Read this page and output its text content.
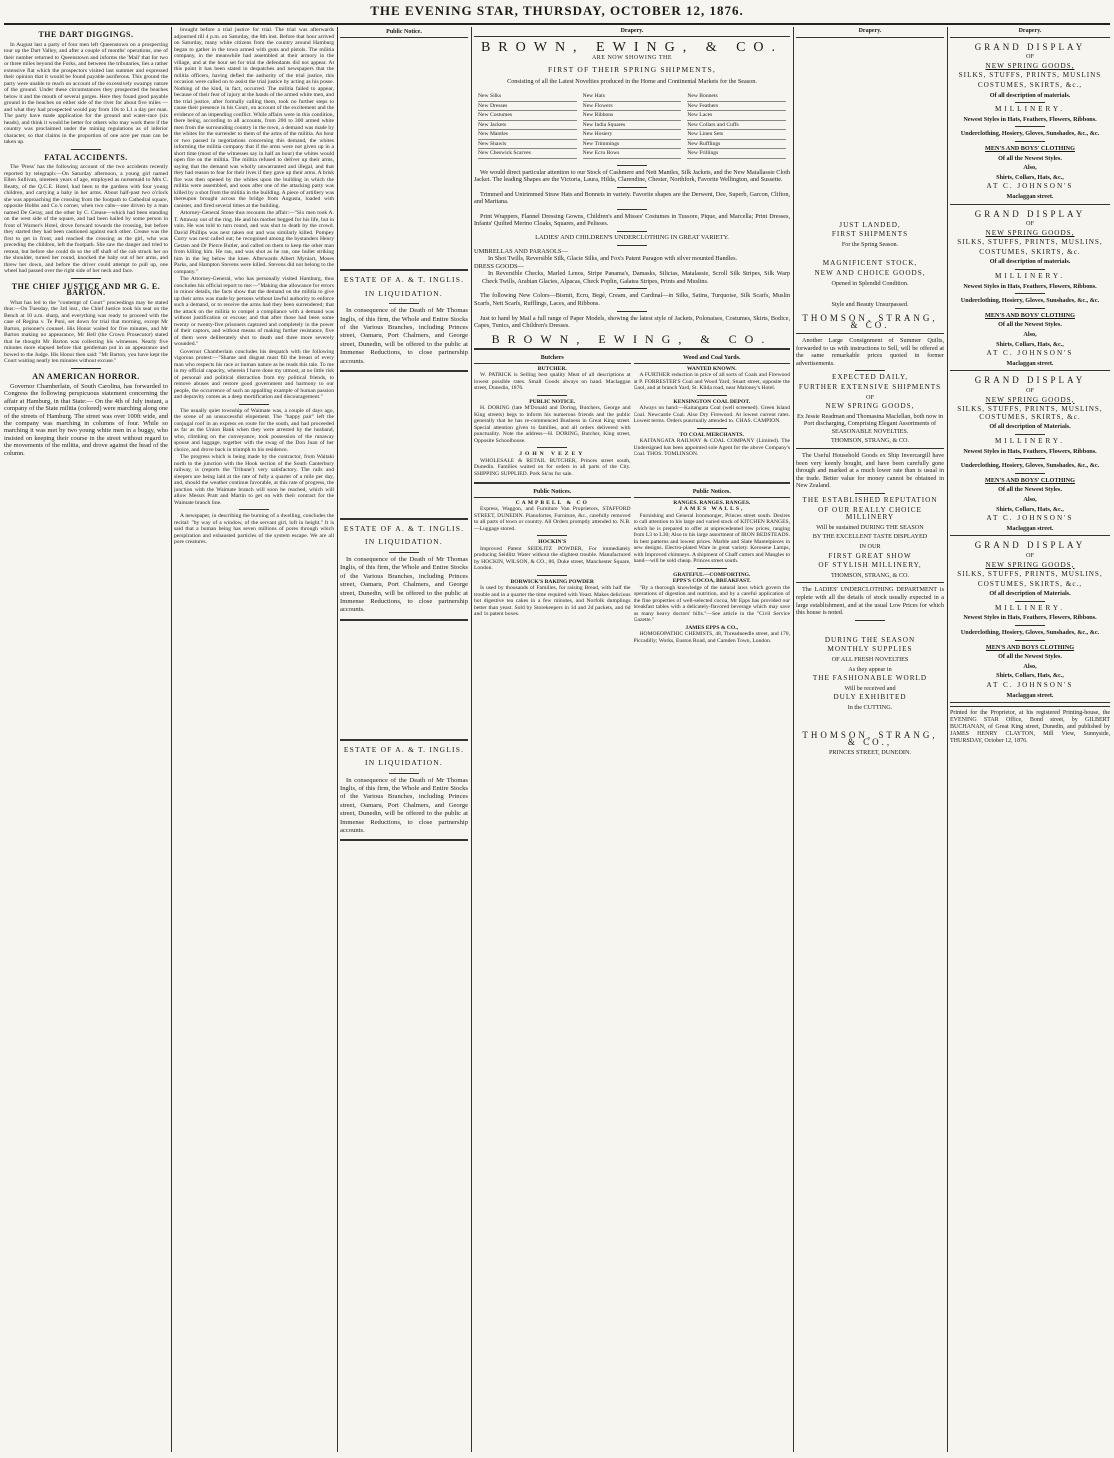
THE EVENING STAR, THURSDAY, OCTOBER 12, 1876.
THE DART DIGGINGS.
In August last a party of four men left Queenstown on a prospecting tour up the Dart Valley, and after a couple of months' operations, one of their number returned to Queenstown and informs the 'Mail' that for two or three miles beyond the Forks, and between the tributaries, lies a rather extensive flat which the prospectors visited last summer and expressed their opinion that it would be found payable auriferous. This ground the party were unable to reach on account of the excessively swampy nature of the ground. Under these circumstances they prospected the beaches below it and the mouth of several gorges. Here they found good payable ground in the beaches on either side of the river for about five miles —and what they had prospected would pay from 10s to L1 a day per man. The party have made application for the ground and water-race (six heads), and think it would be better for others who may work there if the country was proclaimed under the mining regulations as of inferior character, so that claims in the proportion of one acre per man can be taken up.
FATAL ACCIDENTS.
The 'Press' has the following account of the two accidents recently reported by telegraph:—On Saturday afternoon, a young girl named Ellen Sullivan, nineteen years of age, employed as nursemaid to Mrs C. Beatty, of the Q.C.E. Hotel, had been to the gardens with four young children, and carrying a baby in her arms. About half-past two o'clock she was approaching the crossing from the footpath to Cathedral square, opposite Hobbs and Co.'s corner, when two cabs—one driven by a man named De Geray, and the other by C. Crease—which had been standing on the west side of the square, and had been hailed by some person in front of Warner's Hotel, drove forward towards the crossing, but before they started they had been cautioned against each other. Crease was the first to get in front, and reached the crossing as the girl, who was preceding the children, left the footpath. She saw the danger and tried to retreat, but before she could do so the off shaft of the cab struck her on the shoulder, turned her round, knocked the baby out of her arms, and threw her down, and before the driver could attempt to pull up, one wheel had passed over the right side of her neck and face.
THE CHIEF JUSTICE AND MR G. E. BARTON.
What has led to the "contempt of Court" proceedings may be stated thus:—On Tuesday, the 3rd inst., the Chief Justice took his seat on the Bench at 10 a.m. sharp, and everything was ready to proceed with the case of Regina v. Te Puni, set down for trial that morning, except Mr Barton, prisoner's counsel. His Honor waited for five minutes, and Mr Barton making no appearance, Mr Bell (the Crown Prosecutor) stated that he thought Mr Barton was collecting his witnesses. Nearly five minutes more elapsed before that gentleman put in an appearance and bowed to the Judge. His Honor then said: "Mr Barton, you have kept the Court waiting nearly ten minutes without excuse."
AN AMERICAN HORROR.
Governor Chamberlain, of South Carolina, has forwarded to Congress the following perspicuous statement concerning the affair at Hamburg, in that State:— On the 4th of July instant, a company of the State militia (colored) were marching along one of the streets of Hamburg. The street was over 100ft wide, and the company was marching in columns of four. While so marching it was met by two young white men in a buggy, who insisted on keeping their course in the street without regard to the movements of the militia, and drove against the head of the column.
brought before a trial justice for trial. The trial was afterwards adjourned till 4 p.m. on Saturday, the 8th inst. Before that hour arrived on Saturday, many white citizens from the country around Hamburg began to gather in the town armed with guns and pistols. The militia company, in the meanwhile had assembled at their armory in the village, and at the hour set for trial the defendants did not appear. At this point it has been stated in despatches and newspapers that the militia officers, having defied the authority of the trial justice, this occasion were called on to assist the trial justice by acting as his posse. Nothing of the kind, in fact, occurred. The militia failed to appear, because of their fear of injury at the hands of the armed white men, and the trial justice, after formally calling them, took no further steps to cause their presence in his Court, on account of the excitement and the evidence of an impending conflict. While affairs were in this condition, there being, according to all accounts, from 200 to 300 armed white men from the surrounding country in the town, a demand was made by the whites for the surrender to them of the arms of the militia. An hour or two passed in negotiations concerning this demand, the whites informing the militia company that if the arms were not given up in a short time (most of the witnesses say in half an hour) the whites would open fire on the militia. The militia refused to deliver up their arms, saying that the demand was wholly unwarranted and illegal, and that they had reason to fear for their lives if they gave up their arms. A brisk fire was then opened by the whites upon the building in which the militia were assembled, and soon after one of the attacking party was killed by a shot from the militia in the building. A piece of artillery was thereupon brought across the bridge from Augusta, loaded with canister, and fired several times at the building.
Attorney-General Stone thus recounts the affair:—"Six men took A. T. Attaway out of the ring. He and his mother begged for his life, but in vain. He was told to turn round, and was shot to death by the crowd. David Phillips was next taken out and was similarly killed. Pompey Curry was next called out; he recognised among the bystanders Henry Getzen and Dr Pierce Butler, and called on them to keep the other man from killing him. He ran, and was shot as he ran, one bullet striking him in the leg below the knee. Afterwards Albert Myniart, Moses Parks, and Hampton Stevens were killed. Stevens did not belong to the company."
The Attorney-General, who has personally visited Hamburg, thus concludes his official report to me:—"Making due allowance for errors in minor details, the facts show that the demand on the militia to give up their arms was made by persons without lawful authority to enforce such a demand, or to receive the arms had they been surrendered; that the attack on the militia to compel a compliance with a demand was without justification or excuse; and that after those had been some twenty or twenty-five prisoners captured and completely in the power of their captors, and without means of making further resistance, five of them were deliberately shot to death and three more severely wounded."
Governor Chamberlain concludes his despatch with the following vigorous protest:—"Shame and disgust must fill the breast of every man who respects his race or human nature as he reads this tale. To me in my official capacity, wherein I have done my utmost, at no little risk of personal and political distraction from my political friends, to remove abuses and restore good government and harmony to our people, the occurrence of such an appalling example of human passion and depravity comes as a deep mortification and discouragement."
The usually quiet township of Waimate was, a couple of days ago, the scene of an unsuccessful elopement. The "happy pair" left the conjugal roof in an express en route for the south, and had proceeded as far as the Union Bank when they were arrested by the husband, who, climbing on the conveyance, took possession of the runaway spouse and luggage, together with the swag of the Don Juan of her choice, and drove back in triumph to his residence.
The progress which is being made by the contractor, from Waitaki north to the junction with the Hook section of the South Canterbury railway, is (reports the 'Tribune') very satisfactory. The rails and sleepers are being laid at the rate of fully a quarter of a mile per day, and, should the weather continue favorable, at this rate of progress, the junction with the Waimate branch will soon be reached, which will allow Messrs Pratt and Martin to get on with their contract for the Waimate branch line.
A newspaper, in describing the burning of a dwelling, concludes the recital: "by way of a window, of the servant girl, loft in height." It is said that a human being has seven millions of pores through which perspiration and exhausted particles of the system escape. We are all pore creatures.
Public Notice.
ESTATE OF A. & T. INGLIS.
IN LIQUIDATION.
In consequence of the Death of Mr Thomas Inglis, of this firm, the Whole and Entire Stocks of the Various Branches, including Princes street, Oamaru, Port Chalmers, and George street, Dunedin, will be offered to the public at Immense Reductions, to close partnership accounts.
ESTATE OF A. & T. INGLIS.
IN LIQUIDATION.
In consequence of the Death of Mr Thomas Inglis, of this firm, the Whole and Entire Stocks of the Various Branches, including Princes street, Oamaru, Port Chalmers, and George street, Dunedin, will be offered to the public at Immense Reductions, to close partnership accounts.
ESTATE OF A. & T. INGLIS.
IN LIQUIDATION.
In consequence of the Death of Mr Thomas Inglis, of this firm, the Whole and Entire Stocks of the Various Branches, including Princes street, Oamaru, Port Chalmers, and George street, Dunedin, will be offered to the public at Immense Reductions, to close partnership accounts.
Drapery.
BROWN, EWING, & CO.
ARE NOW SHOWING THE
FIRST OF THEIR SPRING SHIPMENTS,
Consisting of all the Latest Novelties produced in the Home and Continental Markets for the Season.
New Silks	New Hats	New Bonnets
New Dresses	New Flowers	New Feathers
New Costumes	New Ribbons	New Laces
New Jackets	New India Squares	New Collars and Cuffs
New Mantles	New Hosiery	New Linen Sets
New Shawls	New Trimmings	New Rufflings
New Cheswick Scarves	New Ecru Bows	New Frillings
We would direct particular attention to our Stock of Cashmere and Nett Mantles, Silk Jackets, and the New Matallassie Cloth Jacket. The leading Shapes are the Victoria, Laura, Hilda, Clarendine, Chester, Northfork, Favorite Wellington, and Sussette.
Trimmed and Untrimmed Straw Hats and Bonnets in variety. Favorite shapes are the Derwent, Dee, Superb, Garcon, Clifton, and Maritana.
Print Wrappers, Flannel Dressing Gowns, Children's and Misses' Costumes in Tussore, Pique, and Marcella; Print Dresses, Infants' Quilted Merino Cloaks, Squares, and Pelisses.
LADIES' AND CHILDREN'S UNDERCLOTHING IN GREAT VARIETY.
UMBRELLAS AND PARASOLS—
In Shot Twills, Reversible Silk, Glacie Silks, and Fox's Patent Paragon with silver mounted Handles.
DRESS GOODS—
In Reversible Checks, Marled Lenos, Stripe Panama's, Damasks, Silicias, Matalassie, Scroll Silk Stripes, Silk Warp Check Twills, Arabian Glacies, Alpacas, Check Poplin, Galatea Stripes, Prints and Muslins.
The following New Colors—Bismit, Ecru, Begé, Cream, and Cardinal—in Silks, Satins, Turquoise, Silk Scarfs, Muslin Scarfs, Nett Scarfs, Rufflings, Laces, and Ribbons.
Just to hand by Mail a full range of Paper Models, showing the latest style of Jackets, Polonaises, Costumes, Skirts, Bodice, Capes, Tunics, and Children's Dresses.
BROWN, EWING, & CO.
Butchers
BUTCHER.
W. PATRICK is Selling best quality Meat of all descriptions at lowest possible rates. Small Goods always on hand. Maclaggan street, Dunedin, 1876.
PUBLIC NOTICE.
H. DORING (late M'Donald and Doring, Butchers, George and King streets) begs to inform his numerous friends and the public generally that he has re-commenced Business in Great King street. Special attention given to families, and all orders delivered with punctuality. Note the address—H. DORING, Butcher, King street, Opposite Schoolhouse.
JOHN VEZEY
WHOLESALE & RETAIL BUTCHER, Princes street south, Dunedin. Families waited on for orders in all parts of the City. SHIPPING SUPPLIED. Pork Sk'ns for sale.
Wood and Coal Yards.
WANTED KNOWN.
A FURTHER reduction in price of all sorts of Coals and Firewood at P. FORRESTER'S Coal and Wood Yard, Stuart street, opposite the Gaol, and at branch Yard, St. Kilda road, near Maloney's Hotel.
KENSINGTON COAL DEPOT.
Always on hand:—Kaitangata Coal (well screened). Green Island Coal. Newcastle Coal. Also Dry Firewood. At lowest current rates. Lowest terms. Orders punctually attended to. CHAS. CAMPION.
TO COAL MERCHANTS.
KAITANGATA RAILWAY & COAL COMPANY (Limited). The Undersigned has been appointed sole Agent for the above Company's Coal. THOS. TOMLINSON.
Public Notices.
CAMPBELL & CO
Express, Waggon, and Furniture Van Proprietors, STAFFORD STREET, DUNEDIN. Pianofortes, Furniture, &c., carefully removed to all parts of town or country. All Orders promptly attended to. N.B.—Luggage stored.
HOCKIN'S
Improved Patent SEIDLITZ POWDER, For immediately producing Seidlitz Water without the slightest trouble. Manufactured by HOCKIN, WILSON, & CO., 86, Duke street, Manchester Square, London.
BORWICK'S BAKING POWDER
Is used by thousands of Families, for raising Bread, with half the trouble and in a quarter the time required with Yeast. Makes delicious hot digestive tea cakes in a few minutes, and Norfolk dumplings better than yeast. Sold by Storekeepers in 1d and 2d packets, and 6d and 1s patent boxes.
Public Notices.
RANGES. RANGES. RANGES.
JAMES WALLS,
Furnishing and General Ironmonger, Princes street south. Desires to call attention to his large and varied stock of KITCHEN RANGES, which he is prepared to offer at unprecedented low prices, ranging from L3 to L30; Also to his large assortment of IRON BEDSTEADS. In best patterns and lowest prices. Marble and Slate Mantelpieces in new designs. Electro-plated Ware in great variety. Kerosene Lamps, with Improved chimneys. A shipment of Chaff cutters and Mangles to hand—will be sold cheap. Princes street south.
GRATEFUL—COMFORTING.
EPPS'S COCOA, BREAKFAST.
"By a thorough knowledge of the natural laws which govern the operations of digestion and nutrition, and by a careful application of the fine properties of well-selected cocoa, Mr Epps has provided our breakfast tables with a delicately-flavored beverage which may save us many heavy doctors' bills."—See article in the "Civil Service Gazette."
JAMES EPPS & CO.,
HOMOEOPATHIC CHEMISTS, 48, Threadneedle street, and 170, Piccadilly; Works, Euston Road, and Camden Town, London.
Drapery.
JUST LANDED,
FIRST SHIPMENTS
For the Spring Season.
MAGNIFICENT STOCK,
NEW AND CHOICE GOODS,
Opened in Splendid Condition.
Style and Beauty Unsurpassed.
THOMSON, STRANG, & CO.
Another Large Consignment of Summer Quilts, forwarded to us with instructions to Sell, will be offered at the same remarkable prices quoted in former advertisements.
EXPECTED DAILY,
FURTHER EXTENSIVE SHIPMENTS
OF
NEW SPRING GOODS,
Ex Jessie Readman and Thomasina Maclellan, both now in Port discharging, Comprising Elegant Assortments of SEASONABLE NOVELTIES.
THOMSON, STRANG, & CO.
The Useful Household Goods ex Ship Invercargill have been very keenly bought, and have been carefully gone through and marked at a much lower rate than is usual in the trade. Better value for money cannot be obtained in New Zealand.
THE ESTABLISHED REPUTATION
OF OUR REALLY CHOICE MILLINERY
Will be sustained DURING THE SEASON
BY THE EXCELLENT TASTE DISPLAYED
IN OUR
FIRST GREAT SHOW
OF STYLISH MILLINERY,
THOMSON, STRANG, & CO.
The LADIES' UNDERCLOTHING DEPARTMENT is replete with all the details of stock usually expected in a large establishment, and at the usual Low Prices for which this house is noted.
DURING THE SEASON
MONTHLY SUPPLIES
OF ALL FRESH NOVELTIES
As they appear in
THE FASHIONABLE WORLD
Will be received and
DULY EXHIBITED
In the CUTTING.
THOMSON, STRANG, & CO.,
PRINCES STREET, DUNEDIN.
Drapery.
GRAND DISPLAY
OF
NEW SPRING GOODS,
SILKS, STUFFS, PRINTS, MUSLINS
COSTUMES, SKIRTS, &c.,
Of all description of materials.
MILLINERY.
Newest Styles in Hats, Feathers, Flowers, Ribbons.
Underclothing, Hosiery, Gloves, Sunshades, &c., &c.
MEN'S AND BOYS' CLOTHING
Of all the Newest Styles.
Also,
Shirts, Collars, Hats, &c.,
AT C. JOHNSON'S
Maclaggan street.
GRAND DISPLAY
OF
NEW SPRING GOODS,
SILKS, STUFFS, PRINTS, MUSLINS,
COSTUMES, SKIRTS, &c.
Of all description of materials.
MILLINERY.
Newest Styles in Hats, Feathers, Flowers, Ribbons.
Underclothing, Hosiery, Gloves, Sunshades, &c., &c.
MEN'S AND BOYS' CLOTHING
Of all the Newest Styles.
Also,
Shirts, Collars, Hats, &c.,
AT C. JOHNSON'S
Maclaggan street.
GRAND DISPLAY
OF
NEW SPRING GOODS,
SILKS, STUFFS, PRINTS, MUSLINS, COSTUMES, SKIRTS, &c.
Of all description of Materials.
MILLINERY.
Newest Styles in Hats, Feathers, Flowers, Ribbons.
Underclothing, Hosiery, Gloves, Sunshades, &c., &c.
MEN'S AND BOYS' CLOTHING
Of all the Newest Styles.
Also,
Shirts, Collars, Hats, &c.,
AT C. JOHNSON'S
Maclaggan street.
GRAND DISPLAY
OF
NEW SPRING GOODS,
SILKS, STUFFS, PRINTS, MUSLINS,
COSTUMES, SKIRTS, &c.,
Of all description of Materials.
MILLINERY.
Newest Styles in Hats, Feathers, Flowers, Ribbons.
Underclothing, Hosiery, Gloves, Sunshades, &c., &c.
MEN'S AND BOYS CLOTHING
Of all the Newest Styles.
Also,
Shirts, Collars, Hats, &c.,
AT C. JOHNSON'S
Maclaggan street.
Printed for the Proprietor, at his registered Printing-house, the EVENING STAR Office, Bond street, by GILBERT BUCHANAN, of Great King street, Dunedin, and published by JAMES HENRY CLAYTON, Mill View, Sunnyside, THURSDAY, October 12, 1876.
